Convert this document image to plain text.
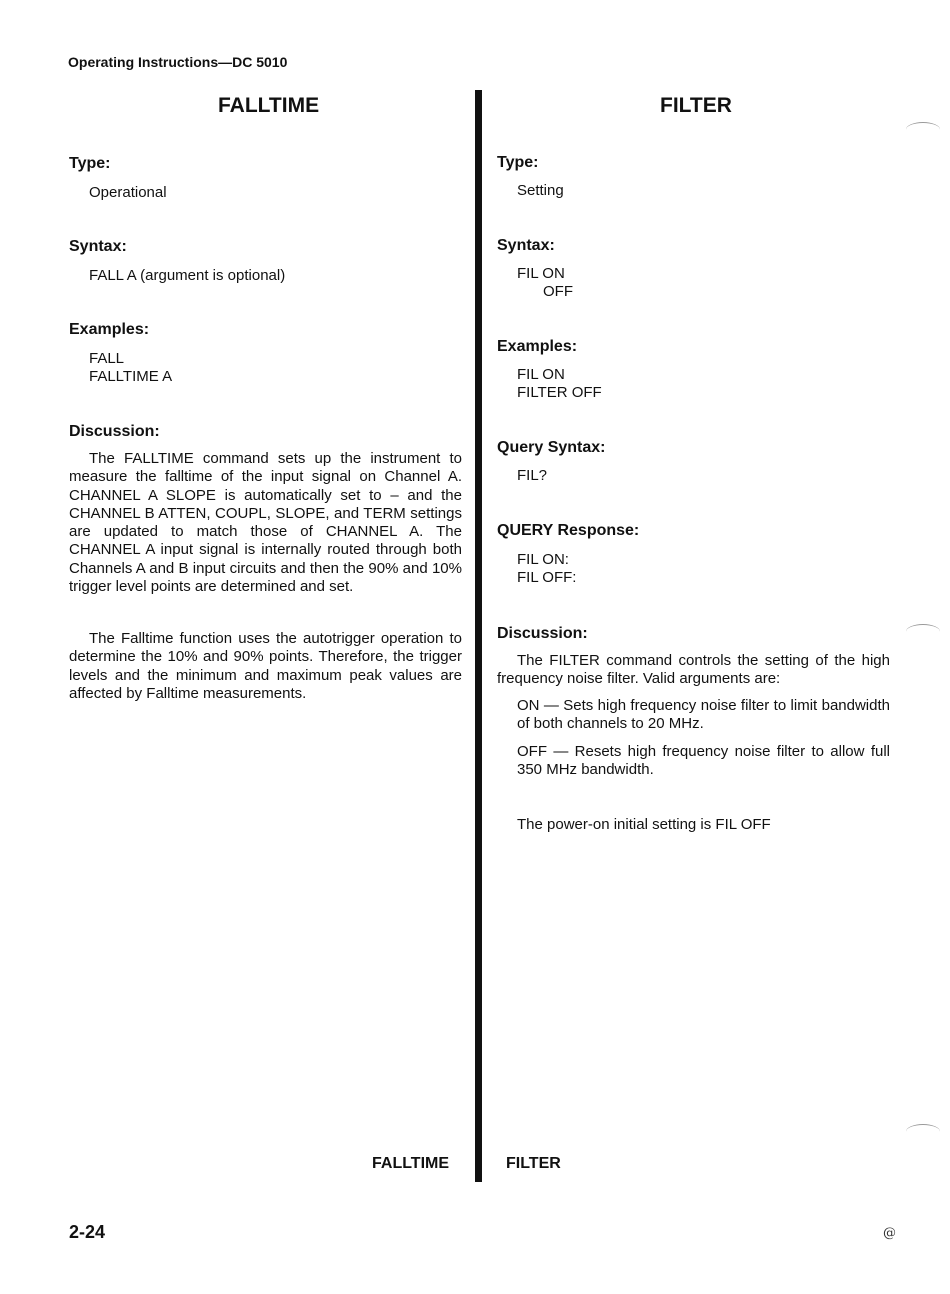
Operating Instructions—DC 5010
FALLTIME
Type:
Operational
Syntax:
FALL A (argument is optional)
Examples:
FALL
FALLTIME A
Discussion:

The FALLTIME command sets up the instrument to measure the falltime of the input signal on Channel A. CHANNEL A SLOPE is automatically set to – and the CHANNEL B ATTEN, COUPL, SLOPE, and TERM settings are updated to match those of CHANNEL A. The CHANNEL A input signal is internally routed through both Channels A and B input circuits and then the 90% and 10% trigger level points are determined and set.

The Falltime function uses the autotrigger operation to determine the 10% and 90% points. Therefore, the trigger levels and the minimum and maximum peak values are affected by Falltime measurements.

FALLTIME
FILTER
Type:
Setting
Syntax:
FIL ON
OFF
Examples:
FIL ON
FILTER OFF
Query Syntax:
FIL?
QUERY Response:
FIL ON:
FIL OFF:
Discussion:

The FILTER command controls the setting of the high frequency noise filter. Valid arguments are:

ON — Sets high frequency noise filter to limit bandwidth of both channels to 20 MHz.

OFF — Resets high frequency noise filter to allow full 350 MHz bandwidth.

The power-on initial setting is FIL OFF
FILTER
2-24	@
